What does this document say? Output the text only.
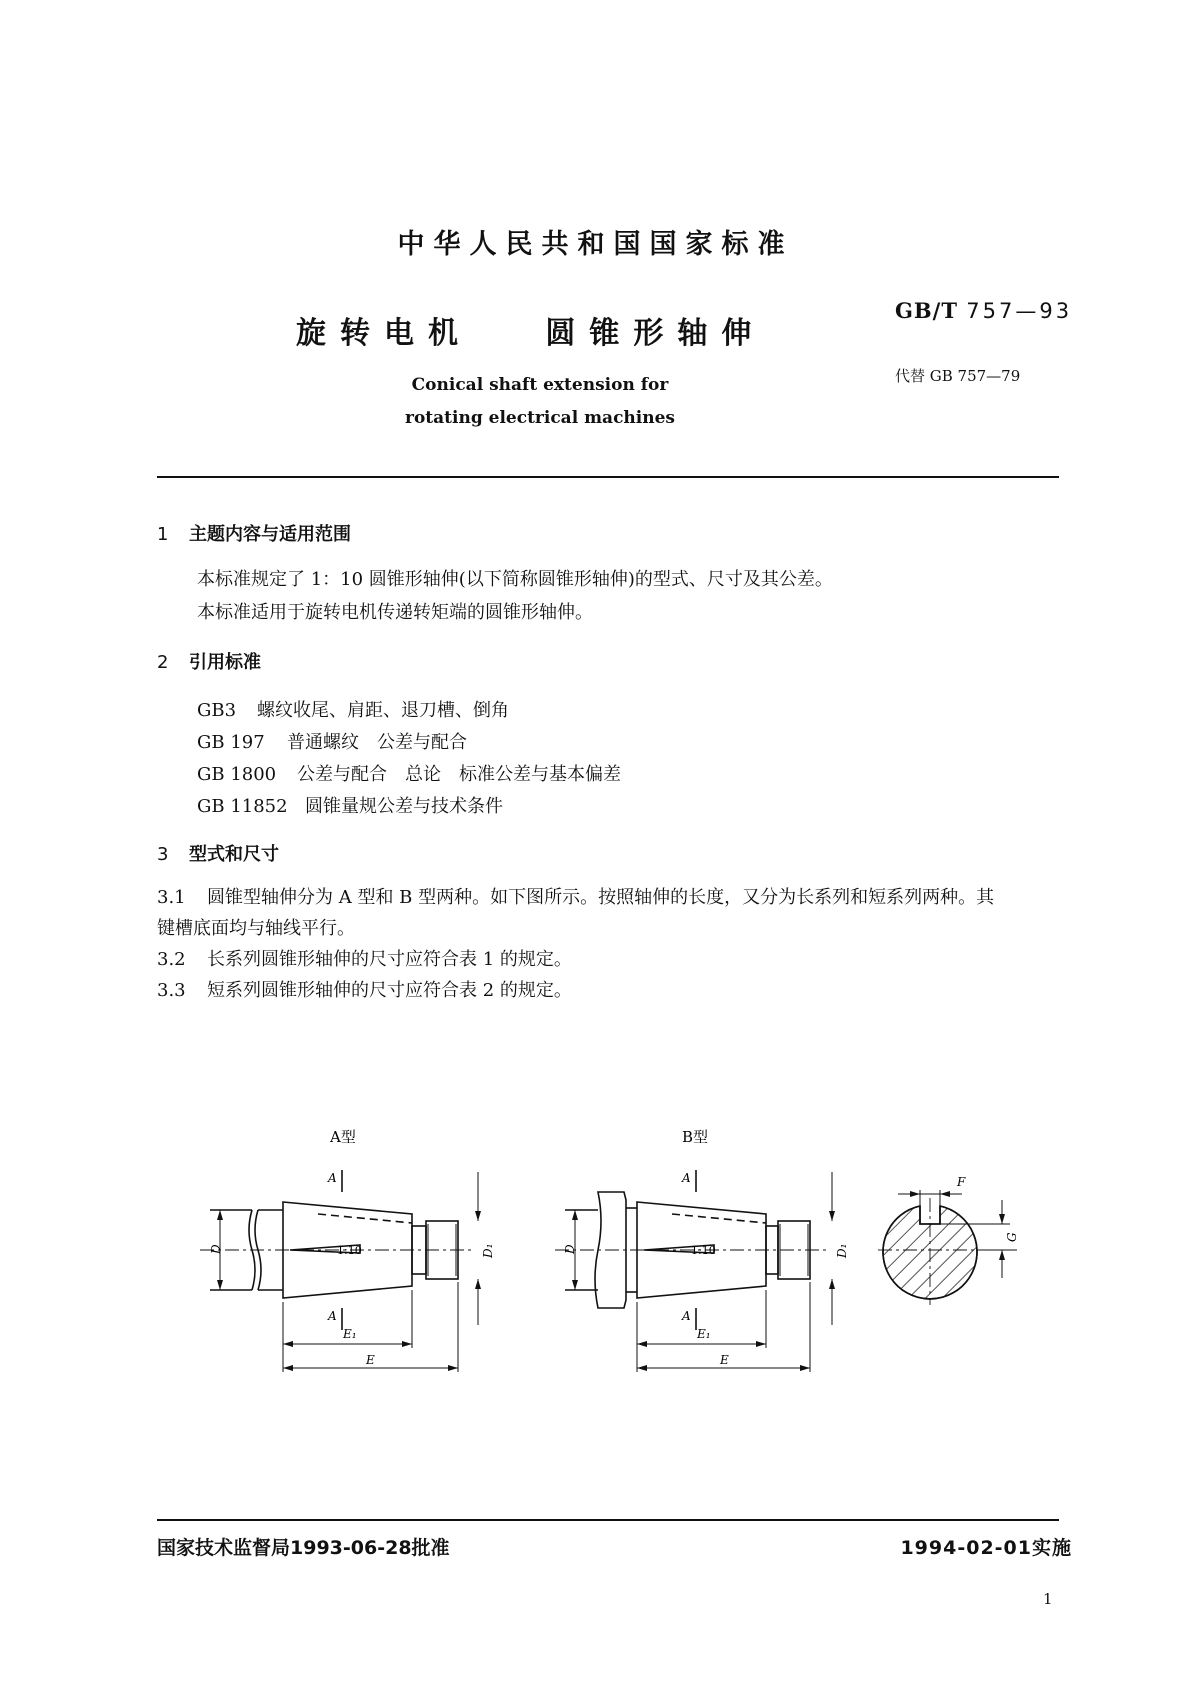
中华人民共和国国家标准
GB/T 757—93
旋转电机 圆锥形轴伸
代替 GB 757—79
Conical shaft extension for
rotating electrical machines
1 主题内容与适用范围
本标准规定了 1：10 圆锥形轴伸(以下简称圆锥形轴伸)的型式、尺寸及其公差。
本标准适用于旋转电机传递转矩端的圆锥形轴伸。
2 引用标准
GB3 螺纹收尾、肩距、退刀槽、倒角
GB 197 普通螺纹　公差与配合
GB 1800 公差与配合　总论　标准公差与基本偏差
GB 11852 圆锥量规公差与技术条件
3 型式和尺寸
3.1 圆锥型轴伸分为 A 型和 B 型两种。如下图所示。按照轴伸的长度，又分为长系列和短系列两种。其
键槽底面均与轴线平行。
3.2 长系列圆锥形轴伸的尺寸应符合表 1 的规定。
3.3 短系列圆锥形轴伸的尺寸应符合表 2 的规定。
A型	B型
1:10
A
A
D	D₁
E₁
E
1:10
A
A
D	D₁
E₁
E
F
G
国家技术监督局1993-06-28批准	1994-02-01实施
1
